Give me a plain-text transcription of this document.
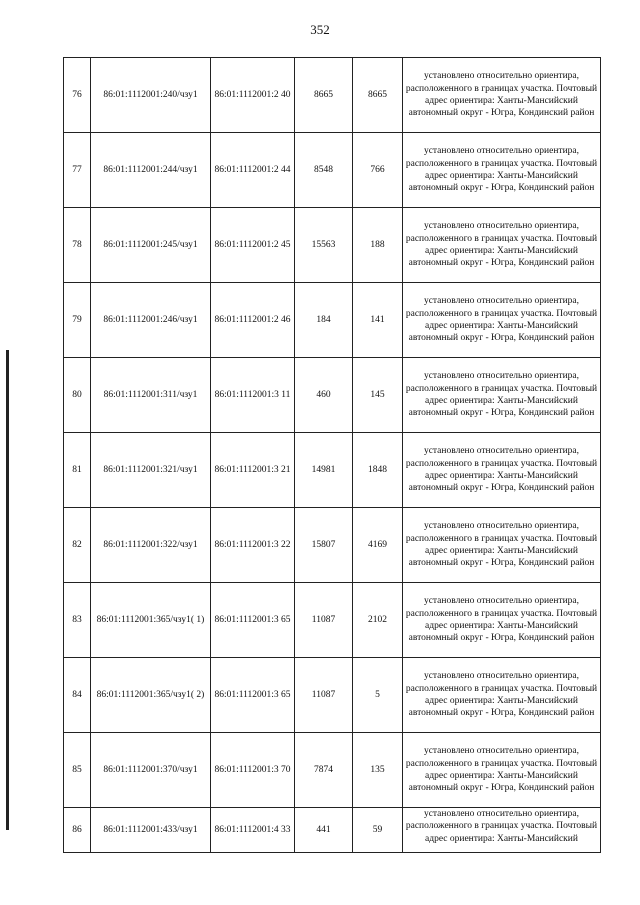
352
76	86:01:1112001:240/чзу1	86:01:1112001:2 40	8665	8665	установлено относительно ориентира, расположенного в границах участка. Почтовый адрес ориентира: Ханты-Мансийский автономный округ - Югра, Кондинский район
77	86:01:1112001:244/чзу1	86:01:1112001:2 44	8548	766	установлено относительно ориентира, расположенного в границах участка. Почтовый адрес ориентира: Ханты-Мансийский автономный округ - Югра, Кондинский район
78	86:01:1112001:245/чзу1	86:01:1112001:2 45	15563	188	установлено относительно ориентира, расположенного в границах участка. Почтовый адрес ориентира: Ханты-Мансийский автономный округ - Югра, Кондинский район
79	86:01:1112001:246/чзу1	86:01:1112001:2 46	184	141	установлено относительно ориентира, расположенного в границах участка. Почтовый адрес ориентира: Ханты-Мансийский автономный округ - Югра, Кондинский район
80	86:01:1112001:311/чзу1	86:01:1112001:3 11	460	145	установлено относительно ориентира, расположенного в границах участка. Почтовый адрес ориентира: Ханты-Мансийский автономный округ - Югра, Кондинский район
81	86:01:1112001:321/чзу1	86:01:1112001:3 21	14981	1848	установлено относительно ориентира, расположенного в границах участка. Почтовый адрес ориентира: Ханты-Мансийский автономный округ - Югра, Кондинский район
82	86:01:1112001:322/чзу1	86:01:1112001:3 22	15807	4169	установлено относительно ориентира, расположенного в границах участка. Почтовый адрес ориентира: Ханты-Мансийский автономный округ - Югра, Кондинский район
83	86:01:1112001:365/чзу1( 1)	86:01:1112001:3 65	11087	2102	установлено относительно ориентира, расположенного в границах участка. Почтовый адрес ориентира: Ханты-Мансийский автономный округ - Югра, Кондинский район
84	86:01:1112001:365/чзу1( 2)	86:01:1112001:3 65	11087	5	установлено относительно ориентира, расположенного в границах участка. Почтовый адрес ориентира: Ханты-Мансийский автономный округ - Югра, Кондинский район
85	86:01:1112001:370/чзу1	86:01:1112001:3 70	7874	135	установлено относительно ориентира, расположенного в границах участка. Почтовый адрес ориентира: Ханты-Мансийский автономный округ - Югра, Кондинский район
86	86:01:1112001:433/чзу1	86:01:1112001:4 33	441	59	установлено относительно ориентира, расположенного в границах участка. Почтовый адрес ориентира: Ханты-Мансийский
